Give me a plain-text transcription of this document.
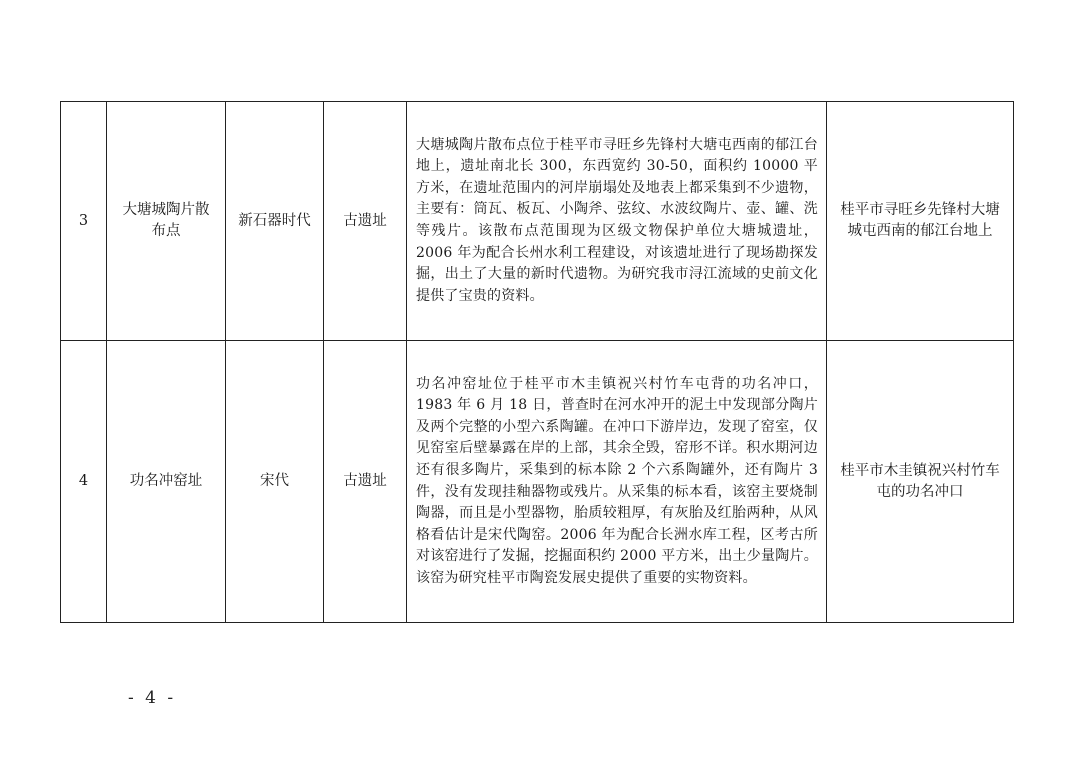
3	大塘城陶片散布点	新石器时代	古遗址	大塘城陶片散布点位于桂平市寻旺乡先锋村大塘屯西南的郁江台地上，遗址南北长 300，东西宽约 30-50，面积约 10000 平方米，在遗址范围内的河岸崩塌处及地表上都采集到不少遗物，主要有：筒瓦、板瓦、小陶斧、弦纹、水波纹陶片、壶、罐、洗等残片。该散布点范围现为区级文物保护单位大塘城遗址，2006 年为配合长州水利工程建设，对该遗址进行了现场勘探发掘，出土了大量的新时代遗物。为研究我市浔江流域的史前文化提供了宝贵的资料。	桂平市寻旺乡先锋村大塘城屯西南的郁江台地上
4	功名冲窑址	宋代	古遗址	功名冲窑址位于桂平市木圭镇祝兴村竹车屯背的功名冲口，1983 年 6 月 18 日，普查时在河水冲开的泥土中发现部分陶片及两个完整的小型六系陶罐。在冲口下游岸边，发现了窑室，仅见窑室后壁暴露在岸的上部，其余全毁，窑形不详。积水期河边还有很多陶片，采集到的标本除 2 个六系陶罐外，还有陶片 3 件，没有发现挂釉器物或残片。从采集的标本看，该窑主要烧制陶器，而且是小型器物，胎质较粗厚，有灰胎及红胎两种，从风格看估计是宋代陶窑。2006 年为配合长洲水库工程，区考古所对该窑进行了发掘，挖掘面积约 2000 平方米，出土少量陶片。该窑为研究桂平市陶瓷发展史提供了重要的实物资料。	桂平市木圭镇祝兴村竹车屯的功名冲口
- 4 -
